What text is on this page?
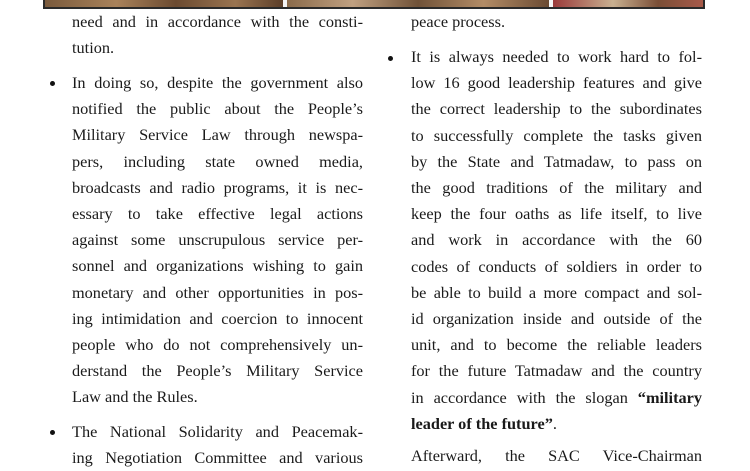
need and in accordance with the consti-
tution.

In doing so, despite the government also
notified the public about the People’s
Military Service Law through newspa-
pers, including state owned media,
broadcasts and radio programs, it is nec-
essary to take effective legal actions
against some unscrupulous service per-
sonnel and organizations wishing to gain
monetary and other opportunities in pos-
ing intimidation and coercion to innocent
people who do not comprehensively un-
derstand the People’s Military Service
Law and the Rules.

The National Solidarity and Peacemak-
ing Negotiation Committee and various

peace process.

It is always needed to work hard to fol-
low 16 good leadership features and give
the correct leadership to the subordinates
to successfully complete the tasks given
by the State and Tatmadaw, to pass on
the good traditions of the military and
keep the four oaths as life itself, to live
and work in accordance with the 60
codes of conducts of soldiers in order to
be able to build a more compact and sol-
id organization inside and outside of the
unit, and to become the reliable leaders
for the future Tatmadaw and the country
in accordance with the slogan “military
leader of the future”.

Afterward, the SAC Vice-Chairman
